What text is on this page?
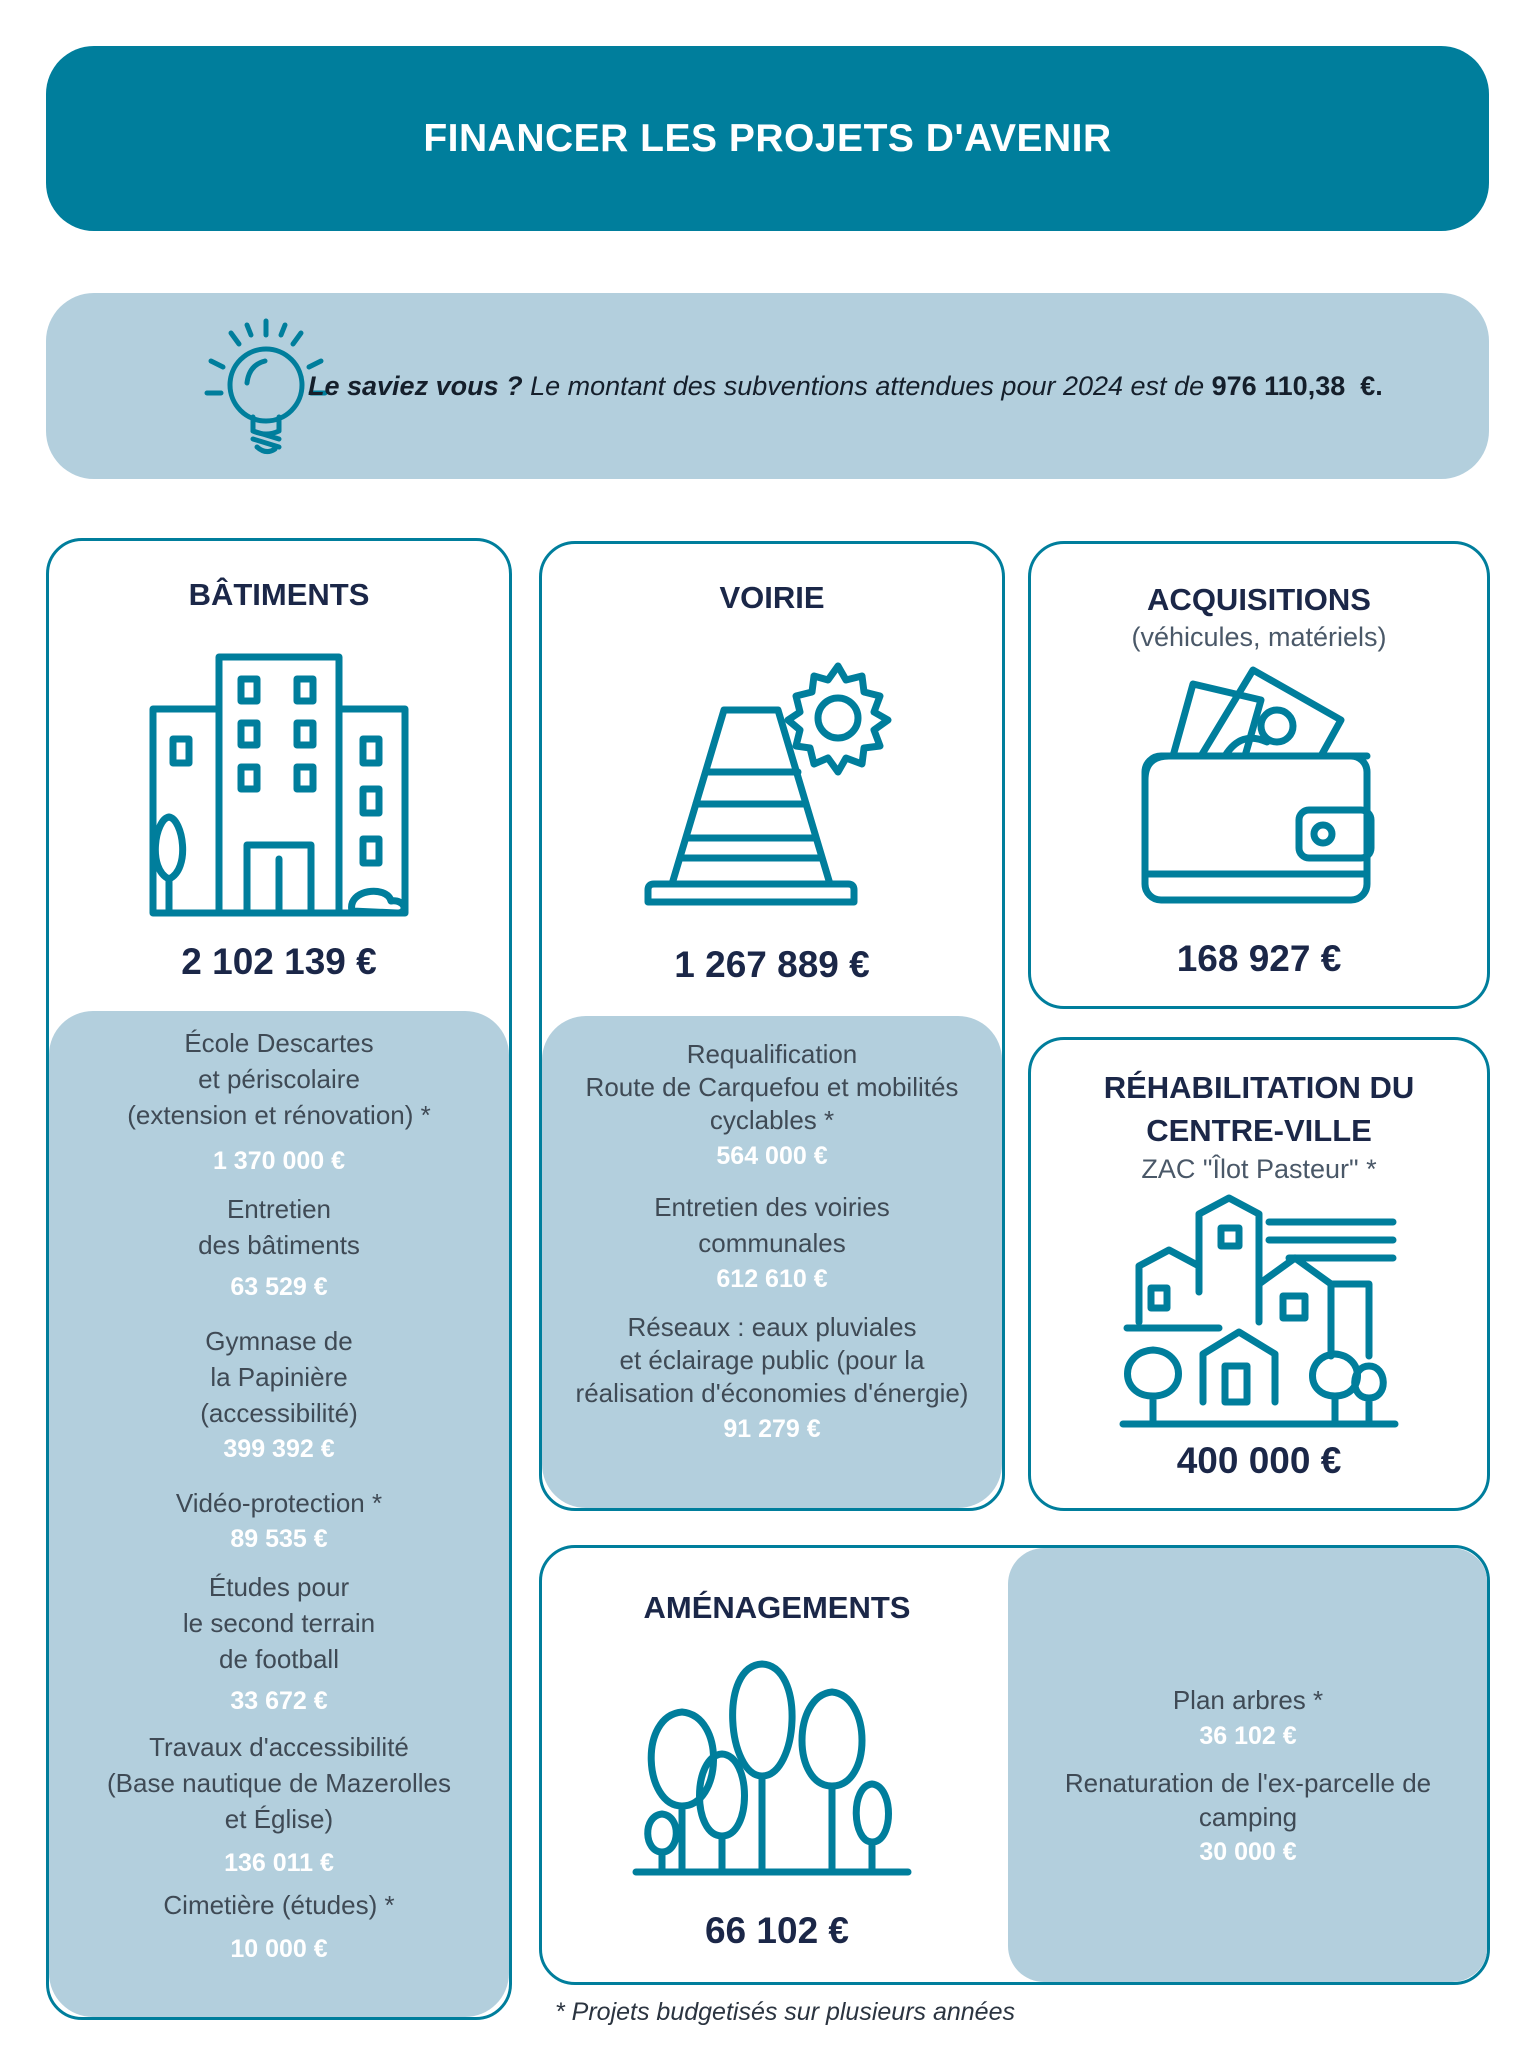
FINANCER LES PROJETS D'AVENIR
Le saviez vous ? Le montant des subventions attendues pour 2024 est de 976 110,38  €.
BÂTIMENTS
2 102 139 €
École Descartes
et périscolaire
(extension et rénovation) *
1 370 000 €
Entretien
des bâtiments
63 529 €
Gymnase de
la Papinière
(accessibilité)
399 392 €
Vidéo-protection *
89 535 €
Études pour
le second terrain
de football
33 672 €
Travaux d'accessibilité
(Base nautique de Mazerolles
et Église)
136 011 €
Cimetière (études) *
10 000 €
VOIRIE
1 267 889 €
Requalification
Route de Carquefou et mobilités
cyclables *
564 000 €
Entretien des voiries
communales
612 610 €
Réseaux : eaux pluviales
et éclairage public (pour la
réalisation d'économies d'énergie)
91 279 €
ACQUISITIONS
(véhicules, matériels)
168 927 €
RÉHABILITATION DU
CENTRE-VILLE
ZAC "Îlot Pasteur" *
400 000 €
AMÉNAGEMENTS
66 102 €
Plan arbres *
36 102 €
Renaturation de l'ex-parcelle de
camping
30 000 €
* Projets budgetisés sur plusieurs années
